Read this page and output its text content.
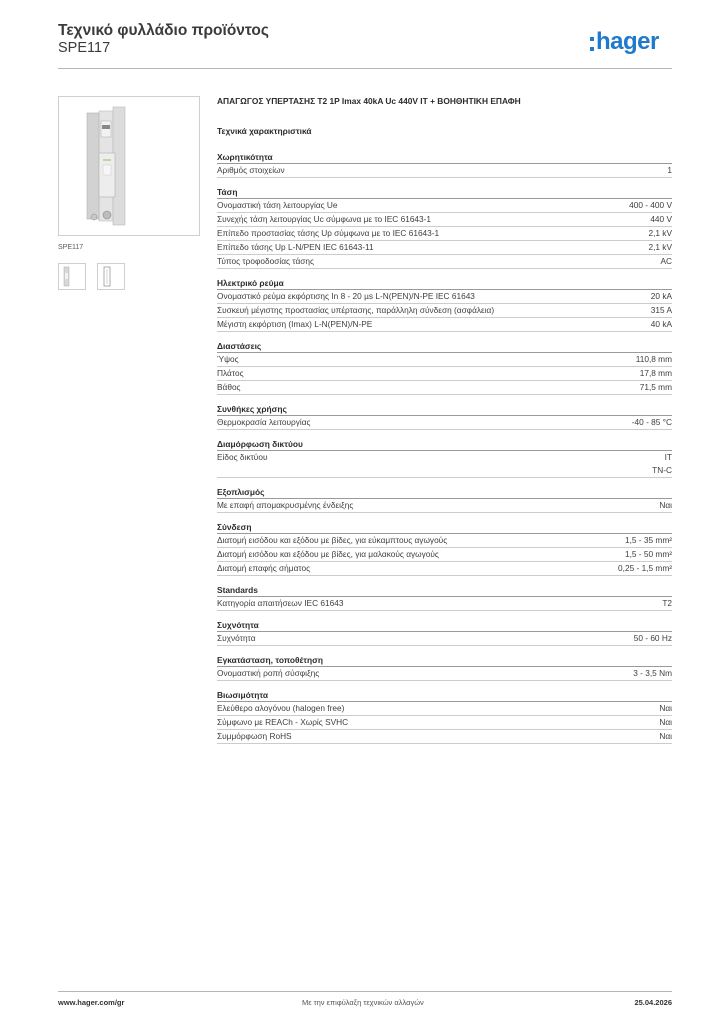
Τεχνικό φυλλάδιο προϊόντος
SPE117	hager
SPE117
ΑΠΑΓΩΓΟΣ ΥΠΕΡΤΑΣΗΣ T2 1P Imax 40kA Uc 440V IT + ΒΟΗΘΗΤΙΚΗ ΕΠΑΦΗ
Τεχνικά χαρακτηριστικά
Χωρητικότητα
Αριθμός στοιχείων	1
Τάση
Ονομαστική τάση λειτουργίας Ue	400 - 400 V
Συνεχής τάση λειτουργίας Uc σύμφωνα με το IEC 61643-1	440 V
Επίπεδο προστασίας τάσης Up σύμφωνα με το IEC 61643-1	2,1 kV
Επίπεδο τάσης Up L-N/PEN IEC 61643-11	2,1 kV
Τύπος τροφοδοσίας τάσης	AC
Ηλεκτρικό ρεύμα
Ονομαστικό ρεύμα εκφόρτισης In 8 - 20 µs L-N(PEN)/N-PE IEC 61643	20 kA
Συσκευή μέγιστης προστασίας υπέρτασης, παράλληλη σύνδεση (ασφάλεια)	315 A
Μέγιστη εκφόρτιση (Imax) L-N(PEN)/N-PE	40 kA
Διαστάσεις
Ύψος	110,8 mm
Πλάτος	17,8 mm
Βάθος	71,5 mm
Συνθήκες χρήσης
Θερμοκρασία λειτουργίας	-40 - 85 °C
Διαμόρφωση δικτύου
Είδος δικτύου	IT
TN-C
Εξοπλισμός
Με επαφή απομακρυσμένης ένδειξης	Ναι
Σύνδεση
Διατομή εισόδου και εξόδου με βίδες, για εύκαμπτους αγωγούς	1,5 - 35 mm²
Διατομή εισόδου και εξόδου με βίδες, για μαλακούς αγωγούς	1,5 - 50 mm²
Διατομή επαφής σήματος	0,25 - 1,5 mm²
Standards
Κατηγορία απαιτήσεων IEC 61643	T2
Συχνότητα
Συχνότητα	50 - 60 Hz
Εγκατάσταση, τοποθέτηση
Ονομαστική ροπή σύσφιξης	3 - 3,5 Nm
Βιωσιμότητα
Ελεύθερο αλογόνου (halogen free)	Ναι
Σύμφωνο με REACh - Χωρίς SVHC	Ναι
Συμμόρφωση RoHS	Ναι
www.hager.com/gr	Με την επιφύλαξη τεχνικών αλλαγών	25.04.2026
